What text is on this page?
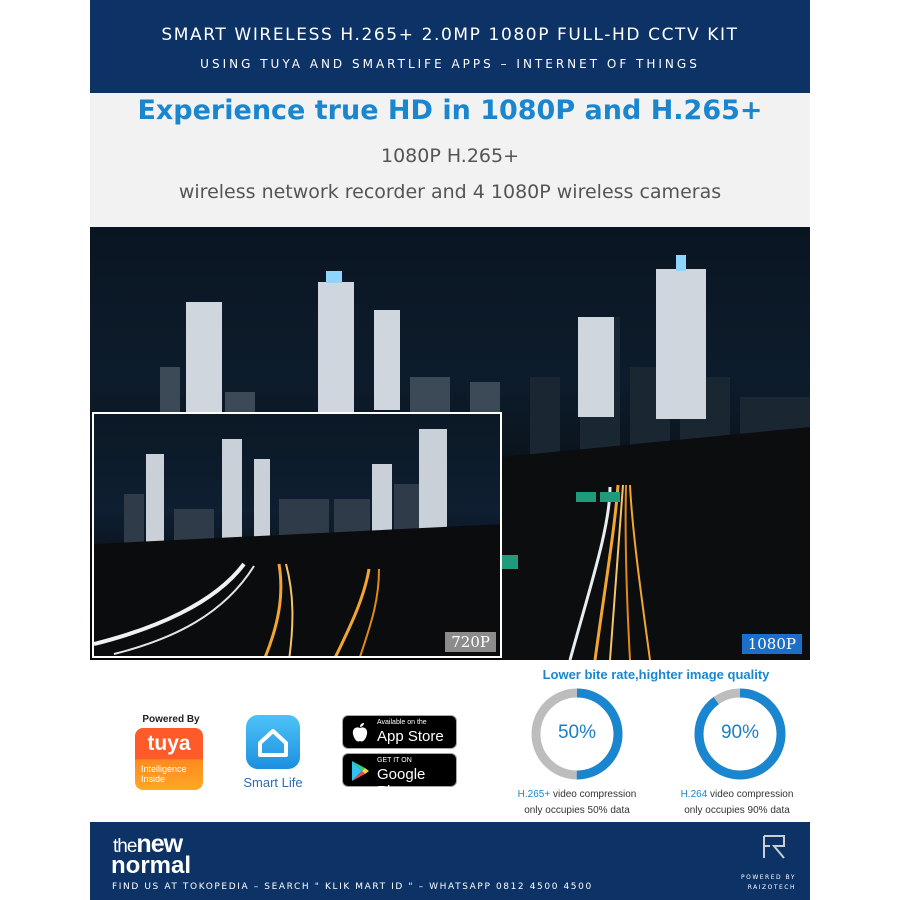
SMART WIRELESS H.265+ 2.0MP 1080P FULL-HD CCTV KIT
USING TUYA AND SMARTLIFE APPS – INTERNET OF THINGS
Experience true HD in 1080P and H.265+
1080P H.265+
wireless network recorder and 4 1080P wireless cameras
720P	1080P
Powered By
tuya
Intelligence
Inside	Smart Life
Available on the
App Store
GET IT ON
Google Play
Lower bite rate,highter image quality
50%	90%
H.265+ video compression
only occupies 50% data
H.264 video compression
only occupies 90% data
thenew
normal
FIND US AT TOKOPEDIA – SEARCH " KLIK MART ID " – WHATSAPP 0812 4500 4500
POWERED BY
RAIZOTECH
